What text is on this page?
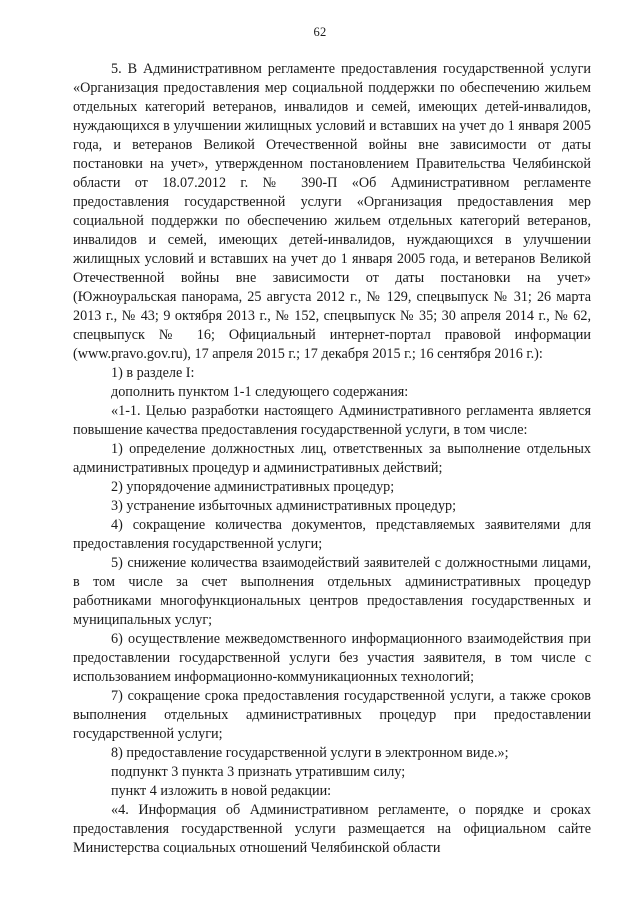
62

5. В Административном регламенте предоставления государственной услуги «Организация предоставления мер социальной поддержки по обеспечению жильем отдельных категорий ветеранов, инвалидов и семей, имеющих детей-инвалидов, нуждающихся в улучшении жилищных условий и вставших на учет до 1 января 2005 года, и ветеранов Великой Отечественной войны вне зависимости от даты постановки на учет», утвержденном постановлением Правительства Челябинской области от 18.07.2012 г. № 390-П «Об Административном регламенте предоставления государственной услуги «Организация предоставления мер социальной поддержки по обеспечению жильем отдельных категорий ветеранов, инвалидов и семей, имеющих детей-инвалидов, нуждающихся в улучшении жилищных условий и вставших на учет до 1 января 2005 года, и ветеранов Великой Отечественной войны вне зависимости от даты постановки на учет» (Южноуральская панорама, 25 августа 2012 г., № 129, спецвыпуск № 31; 26 марта 2013 г., № 43; 9 октября 2013 г., № 152, спецвыпуск № 35; 30 апреля 2014 г., № 62, спецвыпуск № 16; Официальный интернет-портал правовой информации (www.pravo.gov.ru), 17 апреля 2015 г.; 17 декабря 2015 г.; 16 сентября 2016 г.):

1) в разделе I:

дополнить пунктом 1-1 следующего содержания:

«1-1. Целью разработки настоящего Административного регламента является повышение качества предоставления государственной услуги, в том числе:

1) определение должностных лиц, ответственных за выполнение отдельных административных процедур и административных действий;

2) упорядочение административных процедур;

3) устранение избыточных административных процедур;

4) сокращение количества документов, представляемых заявителями для предоставления государственной услуги;

5) снижение количества взаимодействий заявителей с должностными лицами, в том числе за счет выполнения отдельных административных процедур работниками многофункциональных центров предоставления государственных и муниципальных услуг;

6) осуществление межведомственного информационного взаимодействия при предоставлении государственной услуги без участия заявителя, в том числе с использованием информационно-коммуникационных технологий;

7) сокращение срока предоставления государственной услуги, а также сроков выполнения отдельных административных процедур при предоставлении государственной услуги;

8) предоставление государственной услуги в электронном виде.»;

подпункт 3 пункта 3 признать утратившим силу;

пункт 4 изложить в новой редакции:

«4. Информация об Административном регламенте, о порядке и сроках предоставления государственной услуги размещается на официальном сайте Министерства социальных отношений Челябинской области
